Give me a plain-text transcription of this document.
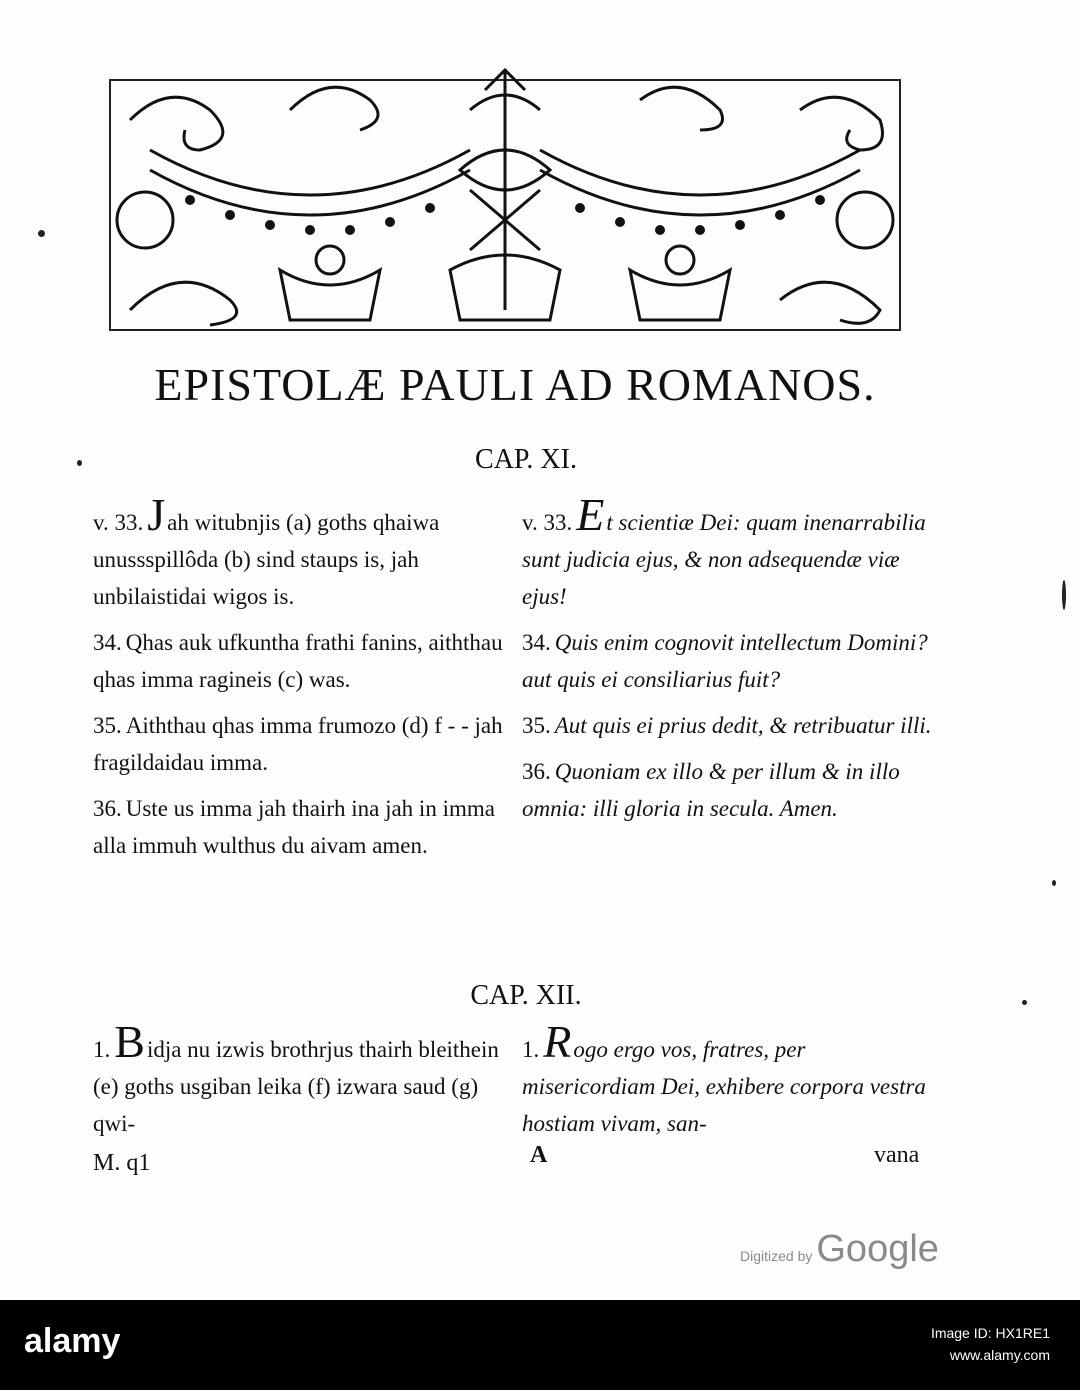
EPISTOLÆ PAULI AD ROMANOS.
CAP. XI.

v. 33.Jah witubnjis (a) goths qhaiwa unussspillôda (b) sind staups is, jah unbilaistidai wigos is.

34. Qhas auk ufkuntha frathi fanins, aiththau qhas imma ragineis (c) was.

35. Aiththau qhas imma frumozo (d) f - - jah fragildaidau imma.

36. Uste us imma jah thairh ina jah in imma alla immuh wulthus du aivam amen.

v. 33.Et scientiæ Dei: quam inenarrabilia sunt judicia ejus, & non adsequendæ viæ ejus!

34. Quis enim cognovit intellectum Domini? aut quis ei consiliarius fuit?

35. Aut quis ei prius dedit, & retribuatur illi.

36. Quoniam ex illo & per illum & in illo omnia: illi gloria in secula. Amen.

CAP. XII.

1.Bidja nu izwis brothrjus thairh bleithein (e) goths usgiban leika (f) izwara saud (g) qwi-

1.Rogo ergo vos, fratres, per misericordiam Dei, exhibere corpora vestra hostiam vivam, san-

M. q1	A	vana
Digitized by Google
alamy	Image ID: HX1RE1
www.alamy.com
